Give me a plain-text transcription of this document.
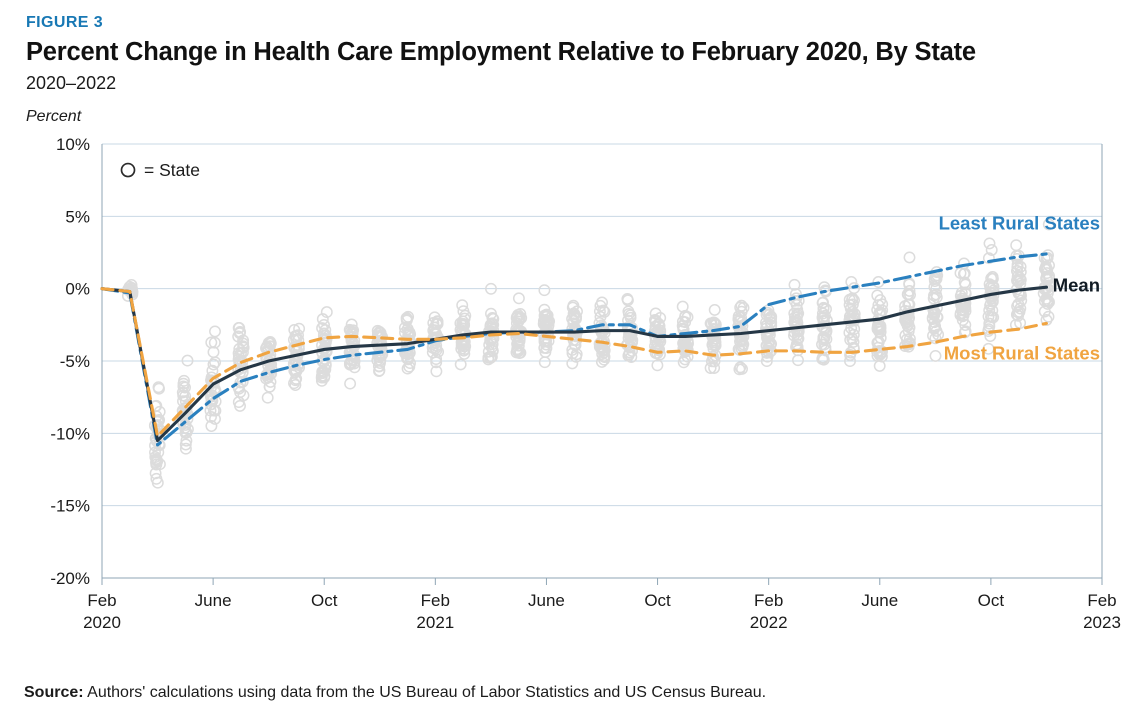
FIGURE 3
Percent Change in Health Care Employment Relative to February 2020, By State
2020–2022
Percent
10%
5%
0%
-5%
-10%
-15%
-20%
Feb
2020
June	Oct	Feb
2021
June	Oct	Feb
2022
June	Oct	Feb
2023
Least Rural States
Mean
Most Rural States
= State
Source: Authors' calculations using data from the US Bureau of Labor Statistics and US Census Bureau.
